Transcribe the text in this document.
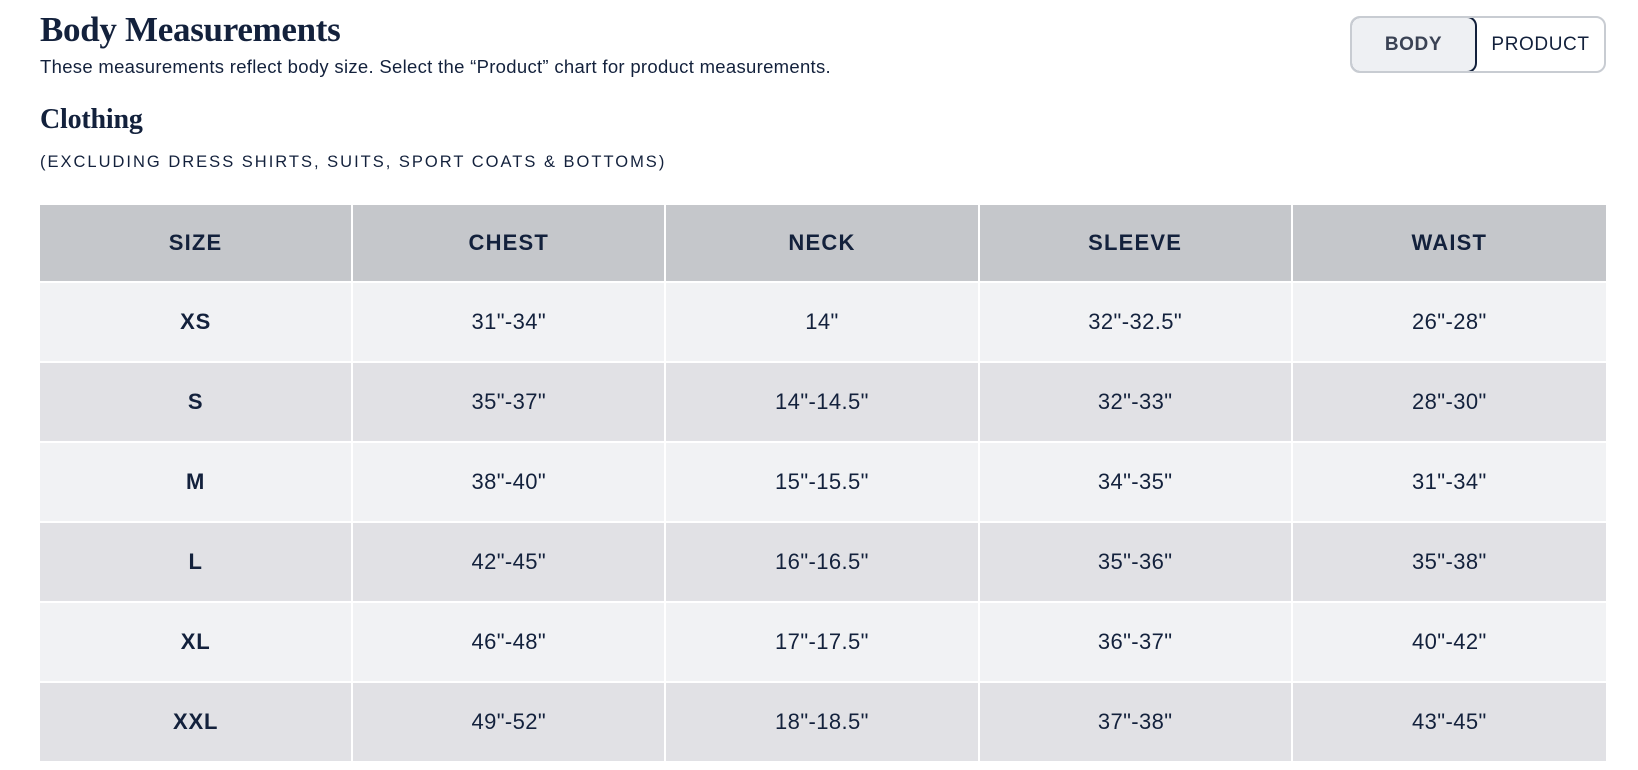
Body Measurements

These measurements reflect body size. Select the “Product” chart for product measurements.

BODY	PRODUCT
Clothing

(EXCLUDING DRESS SHIRTS, SUITS, SPORT COATS & BOTTOMS)

SIZE	CHEST	NECK	SLEEVE	WAIST
XS	31"-34"	14"	32"-32.5"	26"-28"
S	35"-37"	14"-14.5"	32"-33"	28"-30"
M	38"-40"	15"-15.5"	34"-35"	31"-34"
L	42"-45"	16"-16.5"	35"-36"	35"-38"
XL	46"-48"	17"-17.5"	36"-37"	40"-42"
XXL	49"-52"	18"-18.5"	37"-38"	43"-45"
